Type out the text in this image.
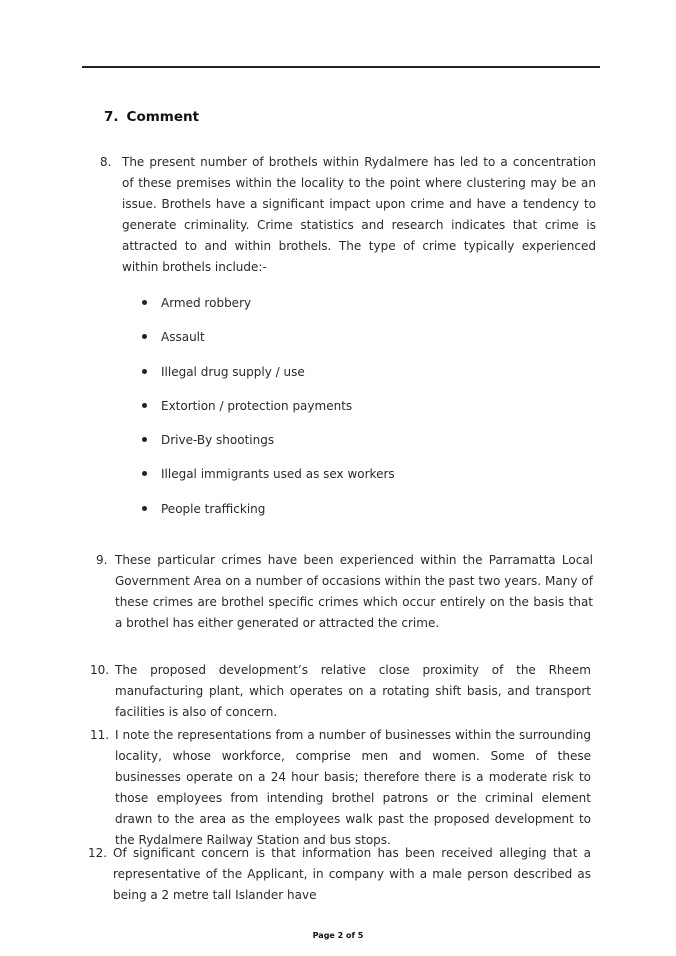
7. Comment
8. The present number of brothels within Rydalmere has led to a concentration of these premises within the locality to the point where clustering may be an issue. Brothels have a significant impact upon crime and have a tendency to generate criminality. Crime statistics and research indicates that crime is attracted to and within brothels. The type of crime typically experienced within brothels include:-
Armed robbery
Assault
Illegal drug supply / use
Extortion / protection payments
Drive-By shootings
Illegal immigrants used as sex workers
People trafficking
9. These particular crimes have been experienced within the Parramatta Local Government Area on a number of occasions within the past two years. Many of these crimes are brothel specific crimes which occur entirely on the basis that a brothel has either generated or attracted the crime.
10. The proposed development’s relative close proximity of the Rheem manufacturing plant, which operates on a rotating shift basis, and transport facilities is also of concern.
11. I note the representations from a number of businesses within the surrounding locality, whose workforce, comprise men and women. Some of these businesses operate on a 24 hour basis; therefore there is a moderate risk to those employees from intending brothel patrons or the criminal element drawn to the area as the employees walk past the proposed development to the Rydalmere Railway Station and bus stops.
12. Of significant concern is that information has been received alleging that a representative of the Applicant, in company with a male person described as being a 2 metre tall Islander have
Page 2 of 5
